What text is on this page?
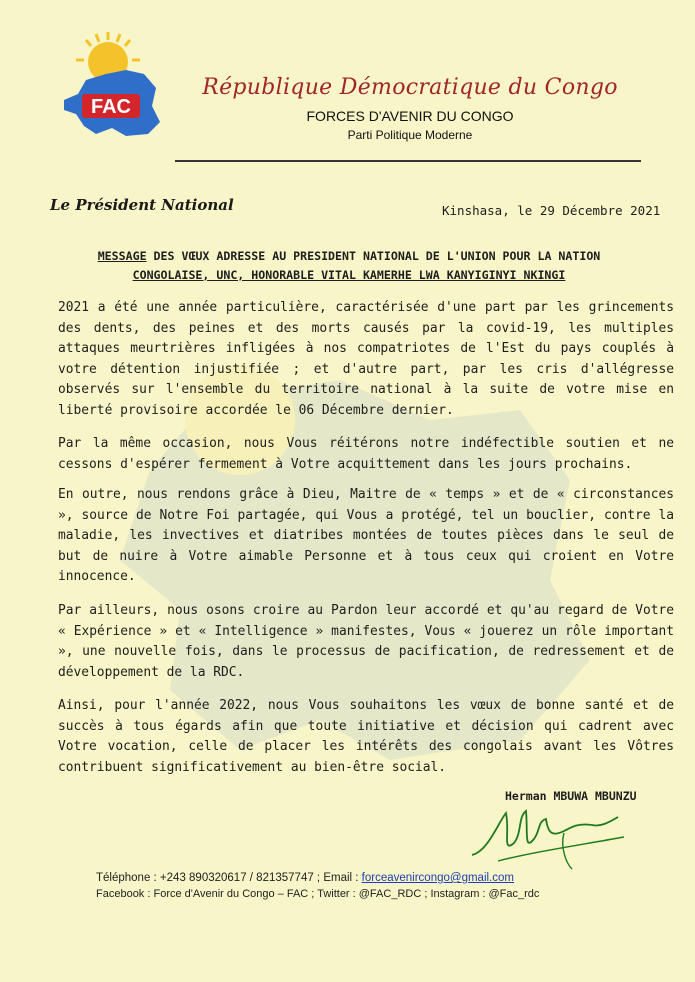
FAC
République Démocratique du Congo
FORCES D'AVENIR DU CONGO
Parti Politique Moderne
Le Président National	Kinshasa, le 29 Décembre 2021
MESSAGE DES VŒUX ADRESSE AU PRESIDENT NATIONAL DE L'UNION POUR LA NATION
CONGOLAISE, UNC, HONORABLE VITAL KAMERHE LWA KANYIGINYI NKINGI
2021 a été une année particulière, caractérisée d'une part par les grincements des dents, des peines et des morts causés par la covid-19, les multiples attaques meurtrières infligées à nos compatriotes de l'Est du pays couplés à votre détention injustifiée ; et d'autre part, par les cris d'allégresse observés sur l'ensemble du territoire national à la suite de votre mise en liberté provisoire accordée le 06 Décembre dernier.
Par la même occasion, nous Vous réitérons notre indéfectible soutien et ne cessons d'espérer fermement à Votre acquittement dans les jours prochains.
En outre, nous rendons grâce à Dieu, Maitre de « temps » et de « circonstances », source de Notre Foi partagée, qui Vous a protégé, tel un bouclier, contre la maladie, les invectives et diatribes montées de toutes pièces dans le seul de but de nuire à Votre aimable Personne et à tous ceux qui croient en Votre innocence.
Par ailleurs, nous osons croire au Pardon leur accordé et qu'au regard de Votre « Expérience » et « Intelligence » manifestes, Vous « jouerez un rôle important », une nouvelle fois, dans le processus de pacification, de redressement et de développement de la RDC.
Ainsi, pour l'année 2022, nous Vous souhaitons les vœux de bonne santé et de succès à tous égards afin que toute initiative et décision qui cadrent avec Votre vocation, celle de placer les intérêts des congolais avant les Vôtres contribuent significativement au bien-être social.
Herman MBUWA MBUNZU
Téléphone : +243 890320617 / 821357747 ; Email : forceavenircongo@gmail.com
Facebook : Force d'Avenir du Congo – FAC ; Twitter : @FAC_RDC ; Instagram : @Fac_rdc
